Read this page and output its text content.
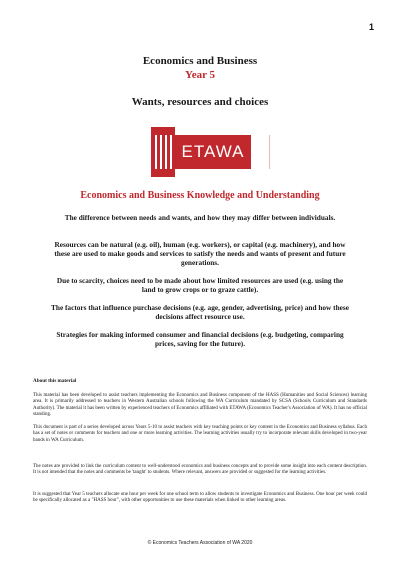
1
Economics and Business
Year 5
Wants, resources and choices
ETAWA
Economics and Business Knowledge and Understanding

The difference between needs and wants, and how they may differ between individuals.

Resources can be natural (e.g. oil), human (e.g. workers), or capital (e.g. machinery), and how these are used to make goods and services to satisfy the needs and wants of present and future generations.

Due to scarcity, choices need to be made about how limited resources are used (e.g. using the land to grow crops or to graze cattle).

The factors that influence purchase decisions (e.g. age, gender, advertising, price) and how these decisions affect resource use.

Strategies for making informed consumer and financial decisions (e.g. budgeting, comparing prices, saving for the future).

About this material

This material has been developed to assist teachers implementing the Economics and Business component of the HASS (Humanities and Social Sciences) learning area. It is primarily addressed to teachers in Western Australian schools following the WA Curriculum mandated by SCSA (Schools Curriculum and Standards Authority). The material it has been written by experienced teachers of Economics affiliated with ETAWA (Economics Teacher's Association of WA). It has no official standing.

This document is part of a series developed across Years 5-10 to assist teachers with key teaching points or key content in the Economics and Business syllabus. Each has a set of notes or comments for teachers and one or more learning activities. The learning activities usually try to incorporate relevant skills developed in two-year bands in WA Curriculum.

The notes are provided to link the curriculum content to well-understood economics and business concepts and to provide some insight into each content description. It is not intended that the notes and comments be 'taught' to students. Where relevant, answers are provided or suggested for the learning activities.

It is suggested that Year 5 teachers allocate one hour per week for one school term to allow students to investigate Economics and Business. One hour per week could be specifically allocated as a "HASS hour", with other opportunities to use these materials when linked to other learning areas.

© Economics Teachers Association of WA 2020
